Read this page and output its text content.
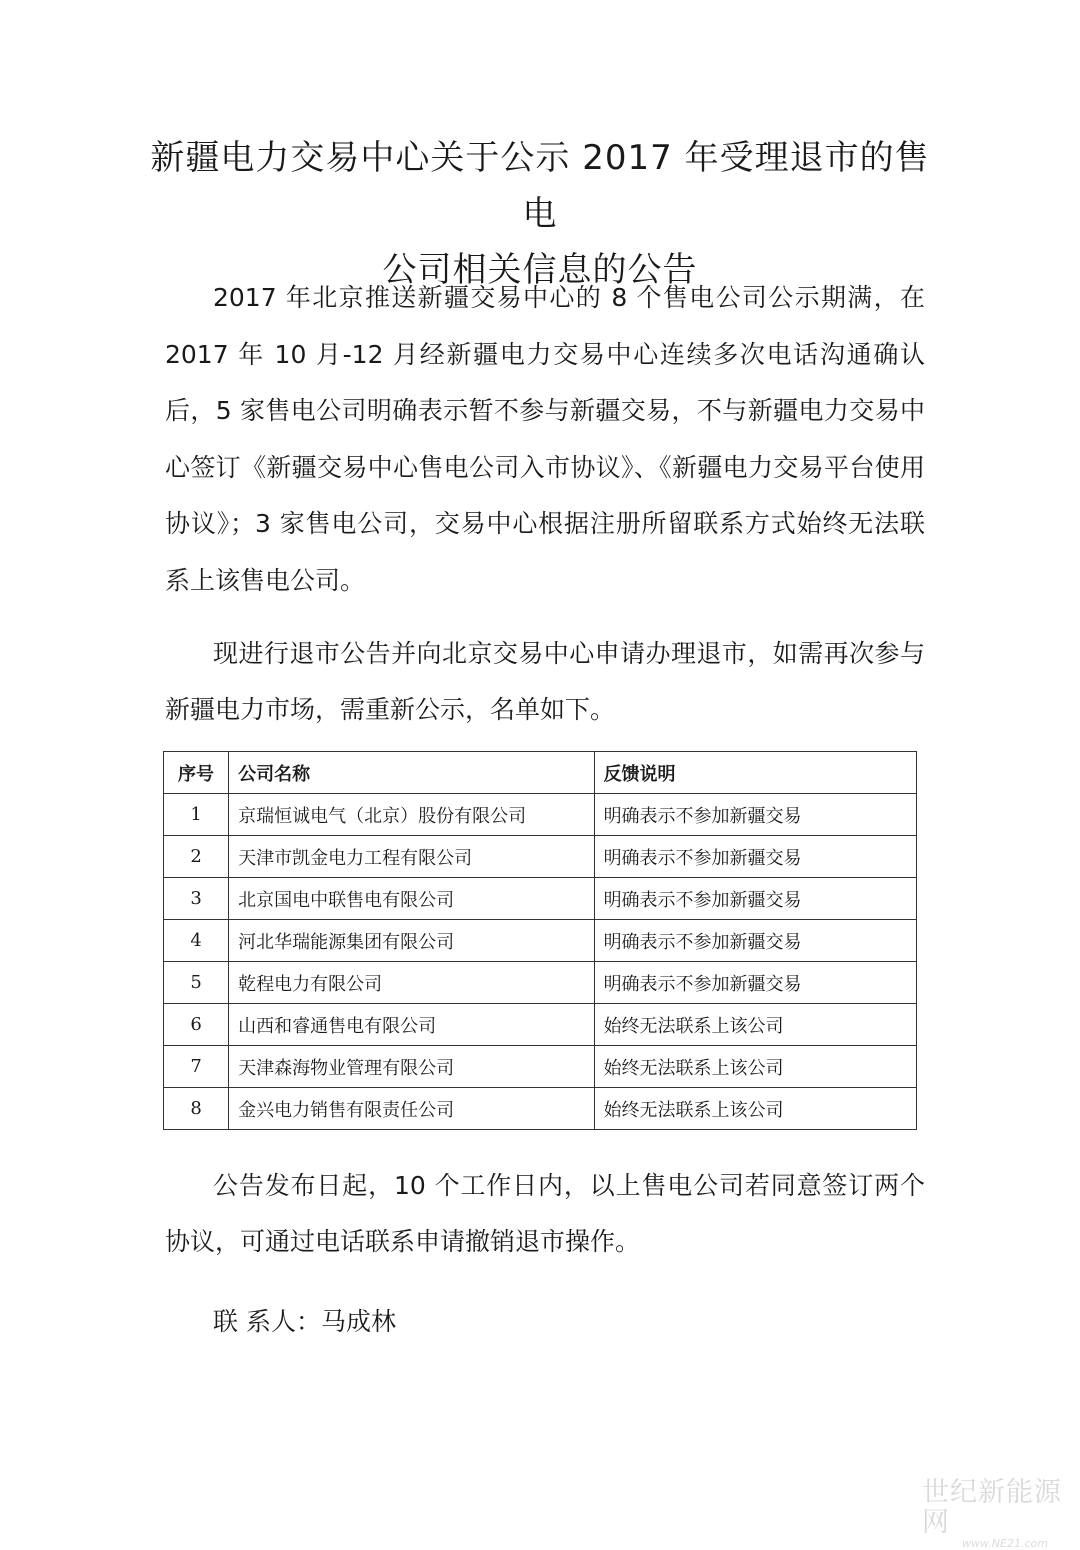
新疆电力交易中心关于公示 2017 年受理退市的售电
公司相关信息的公告

2017 年北京推送新疆交易中心的 8 个售电公司公示期满，在 2017 年 10 月-12 月经新疆电力交易中心连续多次电话沟通确认后，5 家售电公司明确表示暂不参与新疆交易，不与新疆电力交易中心签订《新疆交易中心售电公司入市协议》、《新疆电力交易平台使用协议》；3 家售电公司，交易中心根据注册所留联系方式始终无法联系上该售电公司。

现进行退市公告并向北京交易中心申请办理退市，如需再次参与新疆电力市场，需重新公示，名单如下。

序号	公司名称	反馈说明
1	京瑞恒诚电气（北京）股份有限公司	明确表示不参加新疆交易
2	天津市凯金电力工程有限公司	明确表示不参加新疆交易
3	北京国电中联售电有限公司	明确表示不参加新疆交易
4	河北华瑞能源集团有限公司	明确表示不参加新疆交易
5	乾程电力有限公司	明确表示不参加新疆交易
6	山西和睿通售电有限公司	始终无法联系上该公司
7	天津森海物业管理有限公司	始终无法联系上该公司
8	金兴电力销售有限责任公司	始终无法联系上该公司

公告发布日起，10 个工作日内，以上售电公司若同意签订两个协议，可通过电话联系申请撤销退市操作。

联 系人：马成林

世纪新能源网
www.NE21.com
